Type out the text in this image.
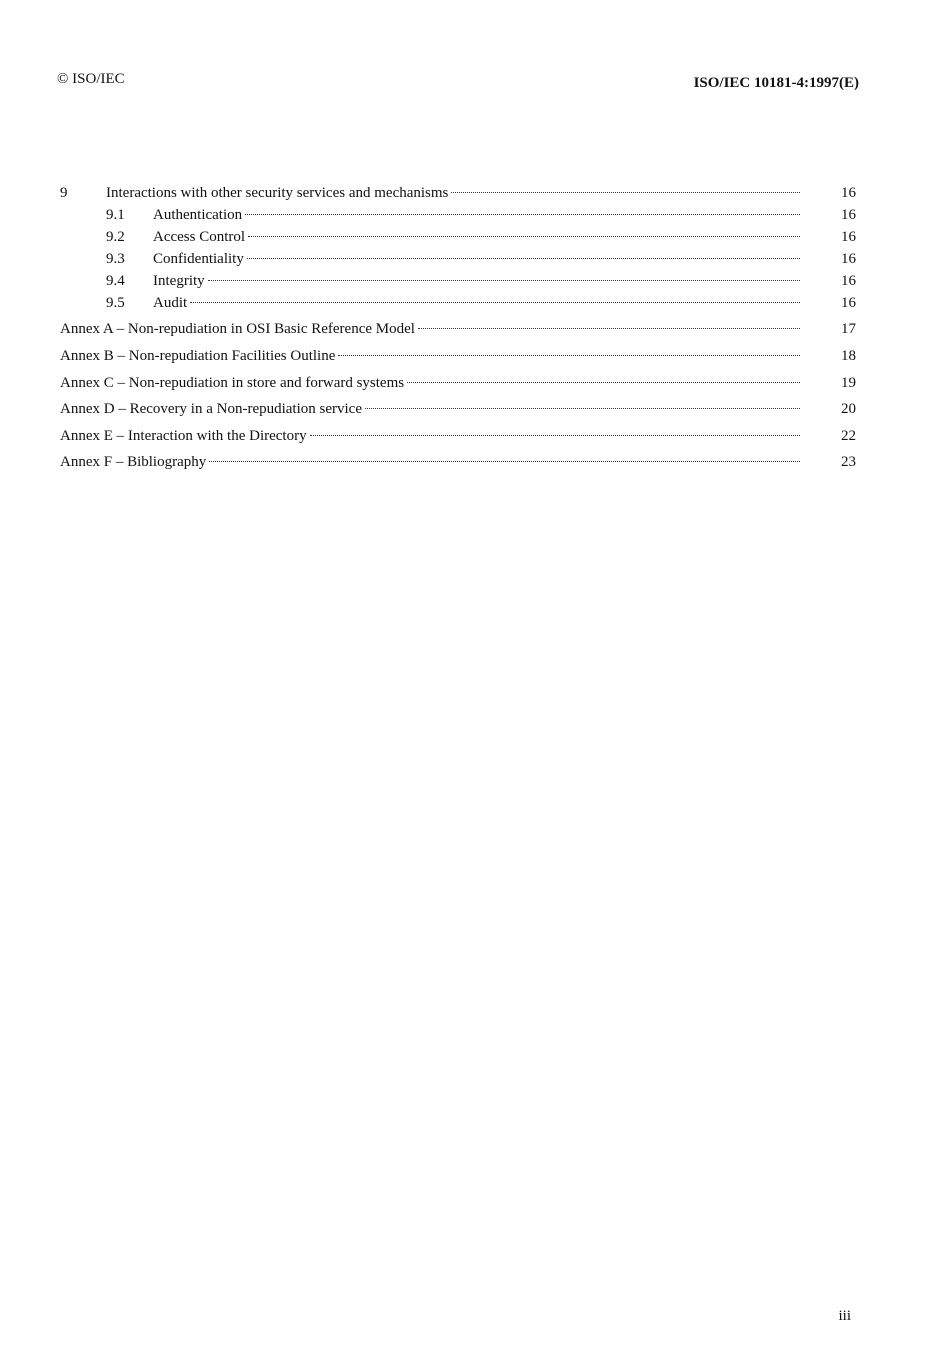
© ISO/IEC	ISO/IEC 10181-4:1997(E)
9	Interactions with other security services and mechanisms	16
9.1 Authentication	16
9.2 Access Control	16
9.3 Confidentiality	16
9.4 Integrity	16
9.5 Audit	16
Annex A – Non-repudiation in OSI Basic Reference Model	17
Annex B – Non-repudiation Facilities Outline	18
Annex C – Non-repudiation in store and forward systems	19
Annex D – Recovery in a Non-repudiation service	20
Annex E – Interaction with the Directory	22
Annex F – Bibliography	23
iii
